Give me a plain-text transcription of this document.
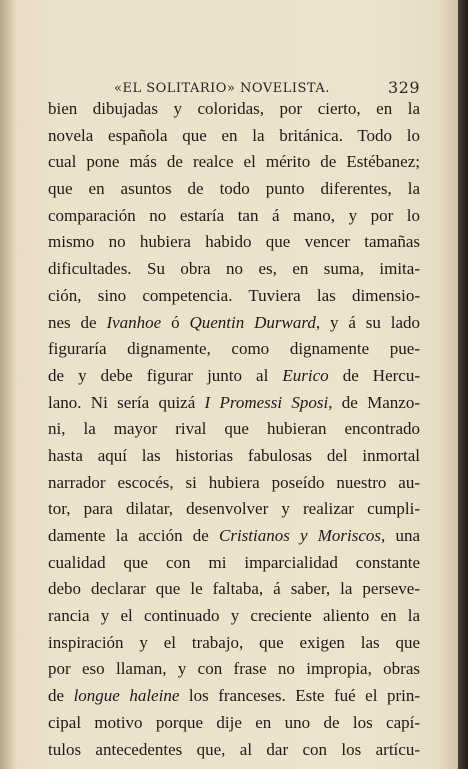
«EL SOLITARIO» NOVELISTA.	329
bien dibujadas y coloridas, por cierto, en la
novela española que en la británica. Todo lo
cual pone más de realce el mérito de Estébanez;
que en asuntos de todo punto diferentes, la
comparación no estaría tan á mano, y por lo
mismo no hubiera habido que vencer tamañas
dificultades. Su obra no es, en suma, imita-
ción, sino competencia. Tuviera las dimensio-
nes de Ivanhoe ó Quentin Durward, y á su lado
figuraría dignamente, como dignamente pue-
de y debe figurar junto al Eurico de Hercu-
lano. Ni sería quizá I Promessi Sposi, de Manzo-
ni, la mayor rival que hubieran encontrado
hasta aquí las historias fabulosas del inmortal
narrador escocés, si hubiera poseído nuestro au-
tor, para dilatar, desenvolver y realizar cumpli-
damente la acción de Cristianos y Moriscos, una
cualidad que con mi imparcialidad constante
debo declarar que le faltaba, á saber, la perseve-
rancia y el continuado y creciente aliento en la
inspiración y el trabajo, que exigen las que
por eso llaman, y con frase no impropia, obras
de longue haleine los franceses. Este fué el prin-
cipal motivo porque dije en uno de los capí-
tulos antecedentes que, al dar con los artícu-
